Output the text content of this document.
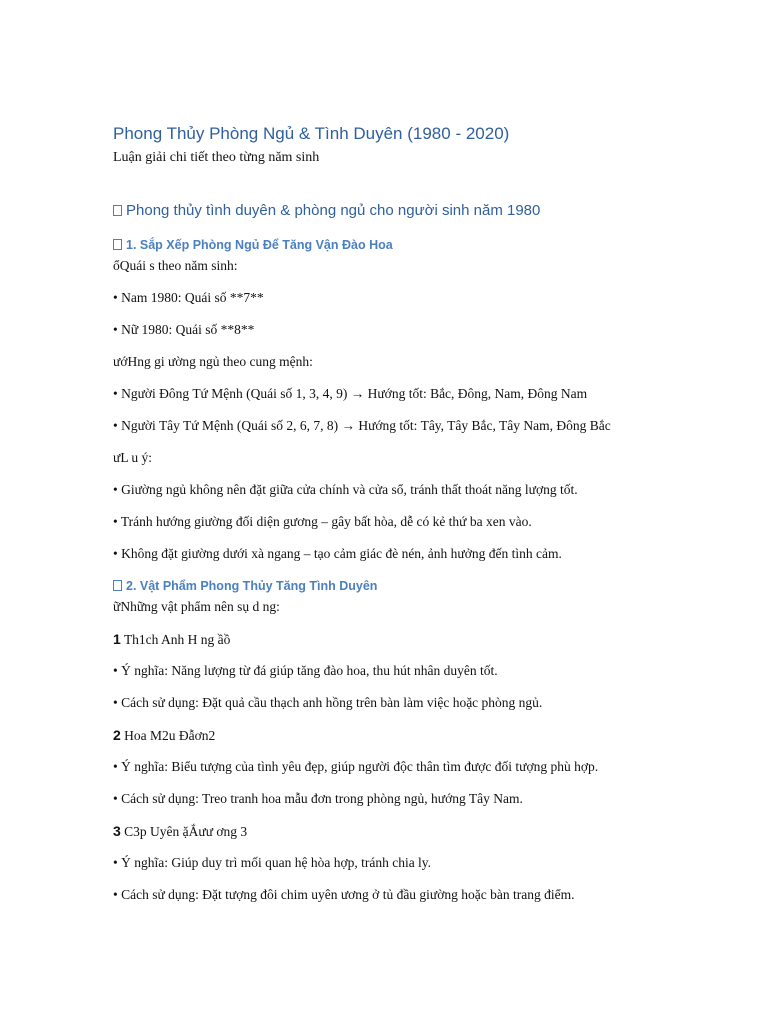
Phong Thủy Phòng Ngủ & Tình Duyên (1980 - 2020)
Luận giải chi tiết theo từng năm sinh
Phong thủy tình duyên & phòng ngủ cho người sinh năm 1980
1. Sắp Xếp Phòng Ngủ Để Tăng Vận Đào Hoa
ổQuái s theo năm sinh:
• Nam 1980: Quái số **7**
• Nữ 1980: Quái số **8**
ướHng gi ường ngủ theo cung mệnh:
• Người Đông Tứ Mệnh (Quái số 1, 3, 4, 9) → Hướng tốt: Bắc, Đông, Nam, Đông Nam
• Người Tây Tứ Mệnh (Quái số 2, 6, 7, 8) → Hướng tốt: Tây, Tây Bắc, Tây Nam, Đông Bắc
ưL u ý:
• Giường ngủ không nên đặt giữa cửa chính và cửa sổ, tránh thất thoát năng lượng tốt.
• Tránh hướng giường đối diện gương – gây bất hòa, dễ có kẻ thứ ba xen vào.
• Không đặt giường dưới xà ngang – tạo cảm giác đè nén, ảnh hưởng đến tình cảm.
2. Vật Phẩm Phong Thủy Tăng Tình Duyên
ữNhững vật phẩm nên sụ d ng:
1 Th1ch Anh H ng ầồ
• Ý nghĩa: Năng lượng từ đá giúp tăng đào hoa, thu hút nhân duyên tốt.
• Cách sử dụng: Đặt quả cầu thạch anh hồng trên bàn làm việc hoặc phòng ngủ.
2 Hoa M2u Đẫơn2
• Ý nghĩa: Biểu tượng của tình yêu đẹp, giúp người độc thân tìm được đối tượng phù hợp.
• Cách sử dụng: Treo tranh hoa mẫu đơn trong phòng ngủ, hướng Tây Nam.
3 C3p Uyên ặẮưư ơng 3
• Ý nghĩa: Giúp duy trì mối quan hệ hòa hợp, tránh chia ly.
• Cách sử dụng: Đặt tượng đôi chim uyên ương ở tủ đầu giường hoặc bàn trang điểm.
